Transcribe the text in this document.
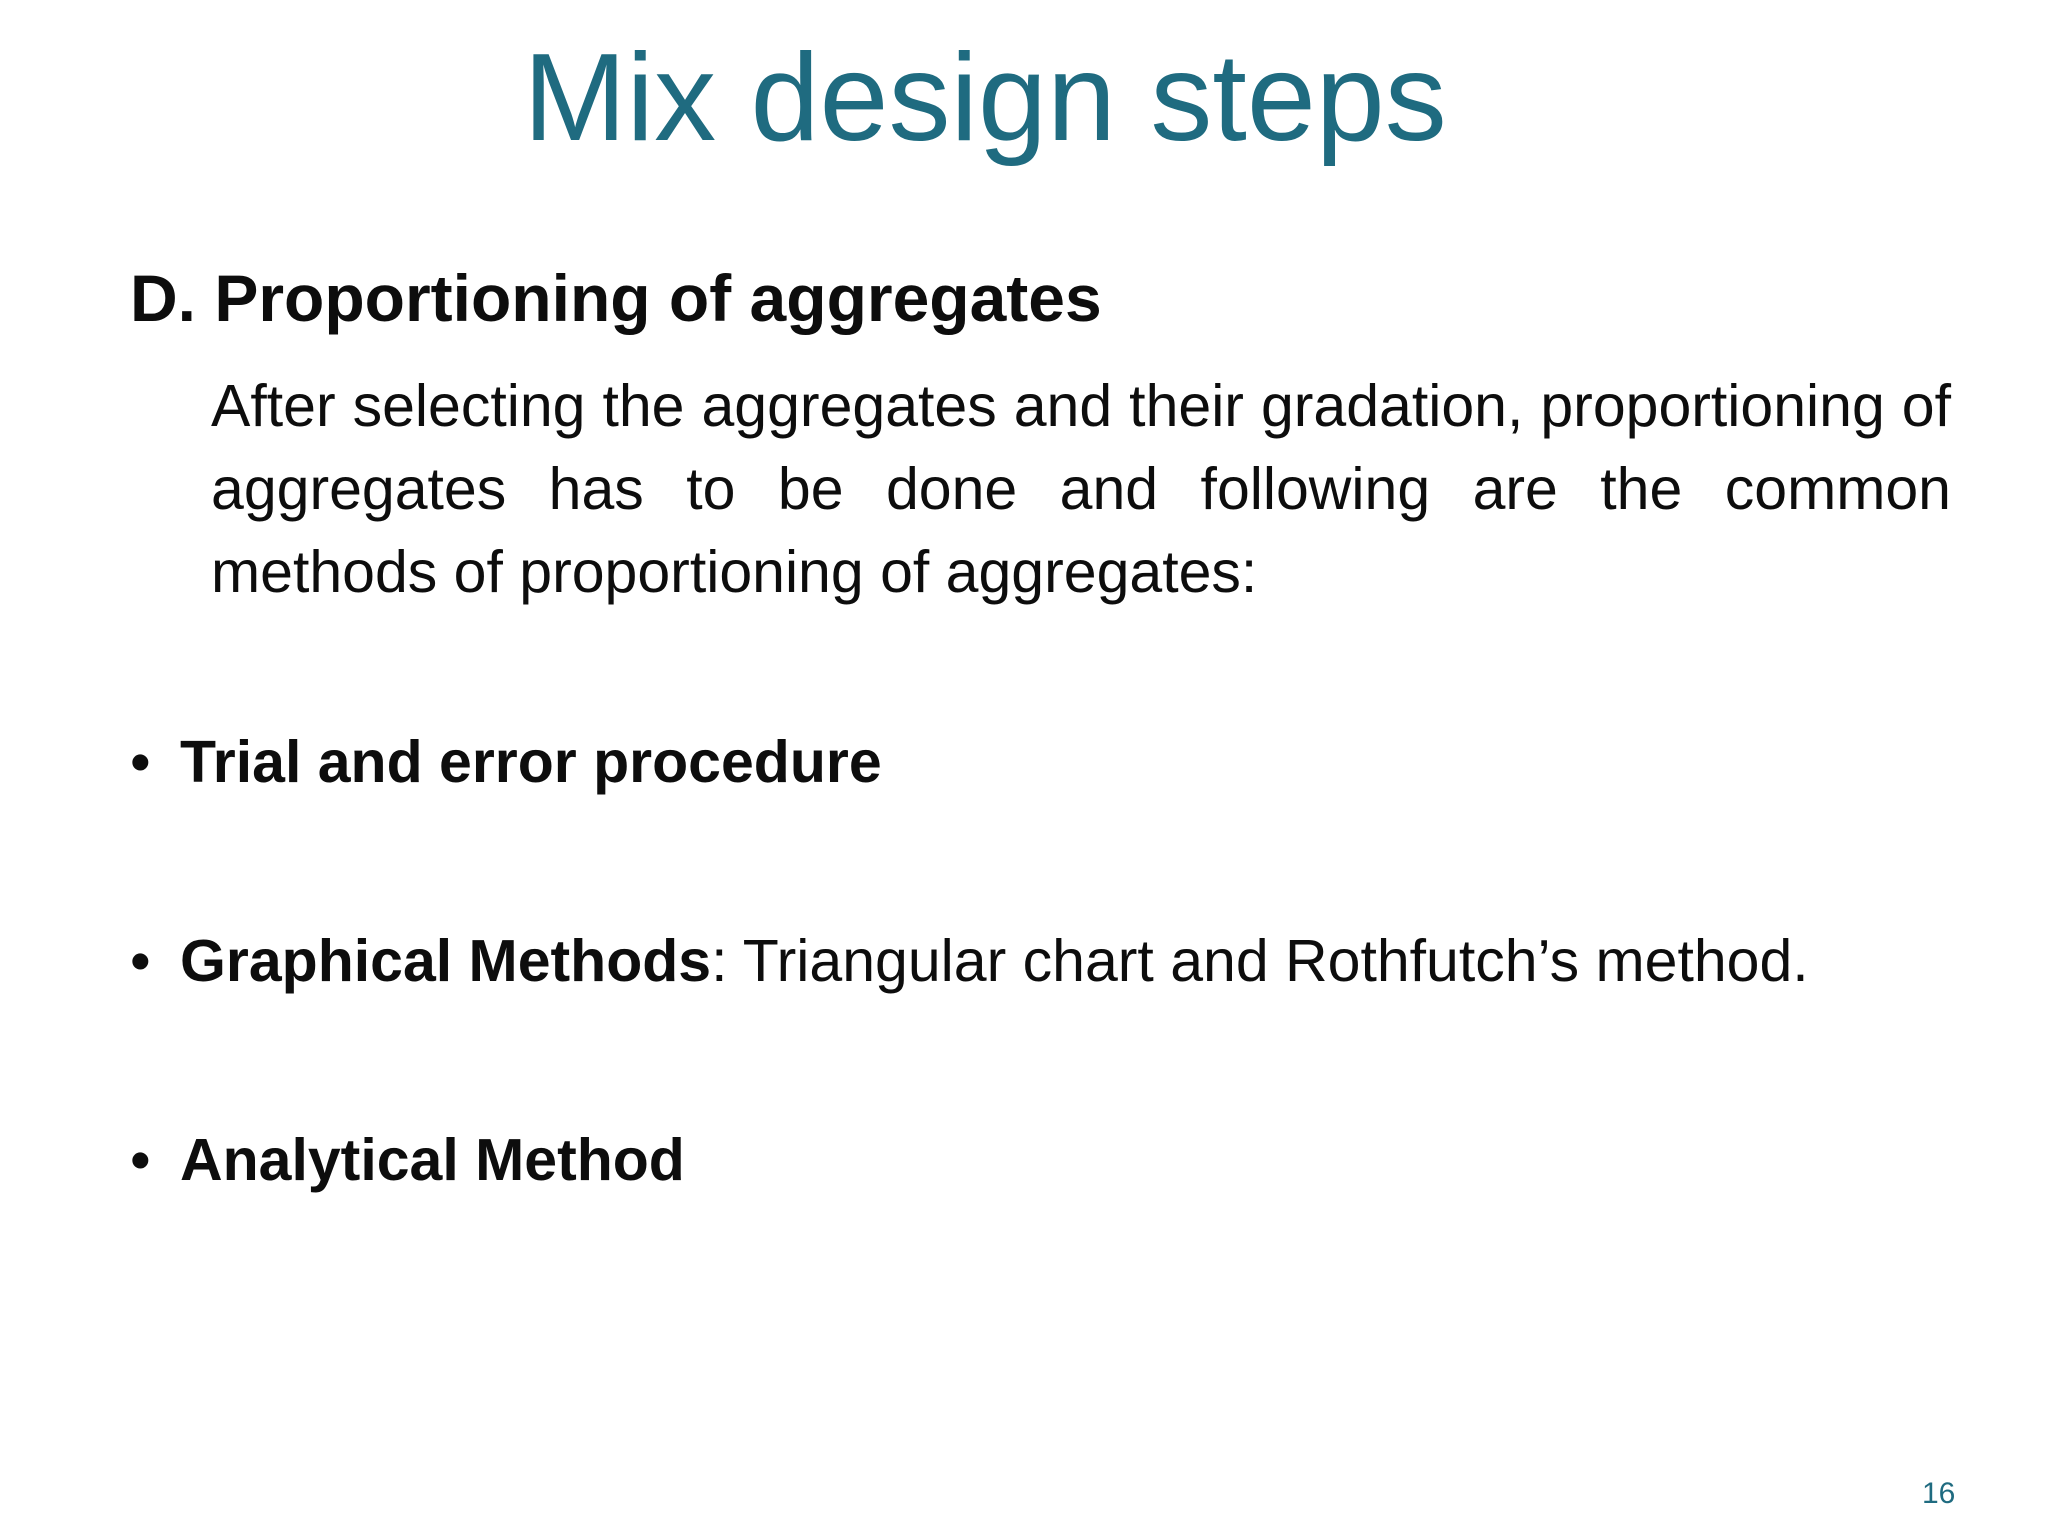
Mix design steps
D. Proportioning of aggregates

After selecting the aggregates and their gradation, proportioning of aggregates has to be done and following are the common methods of proportioning of aggregates:

• Trial and error procedure
• Graphical Methods: Triangular chart and Rothfutch’s method.
• Analytical Method
16
